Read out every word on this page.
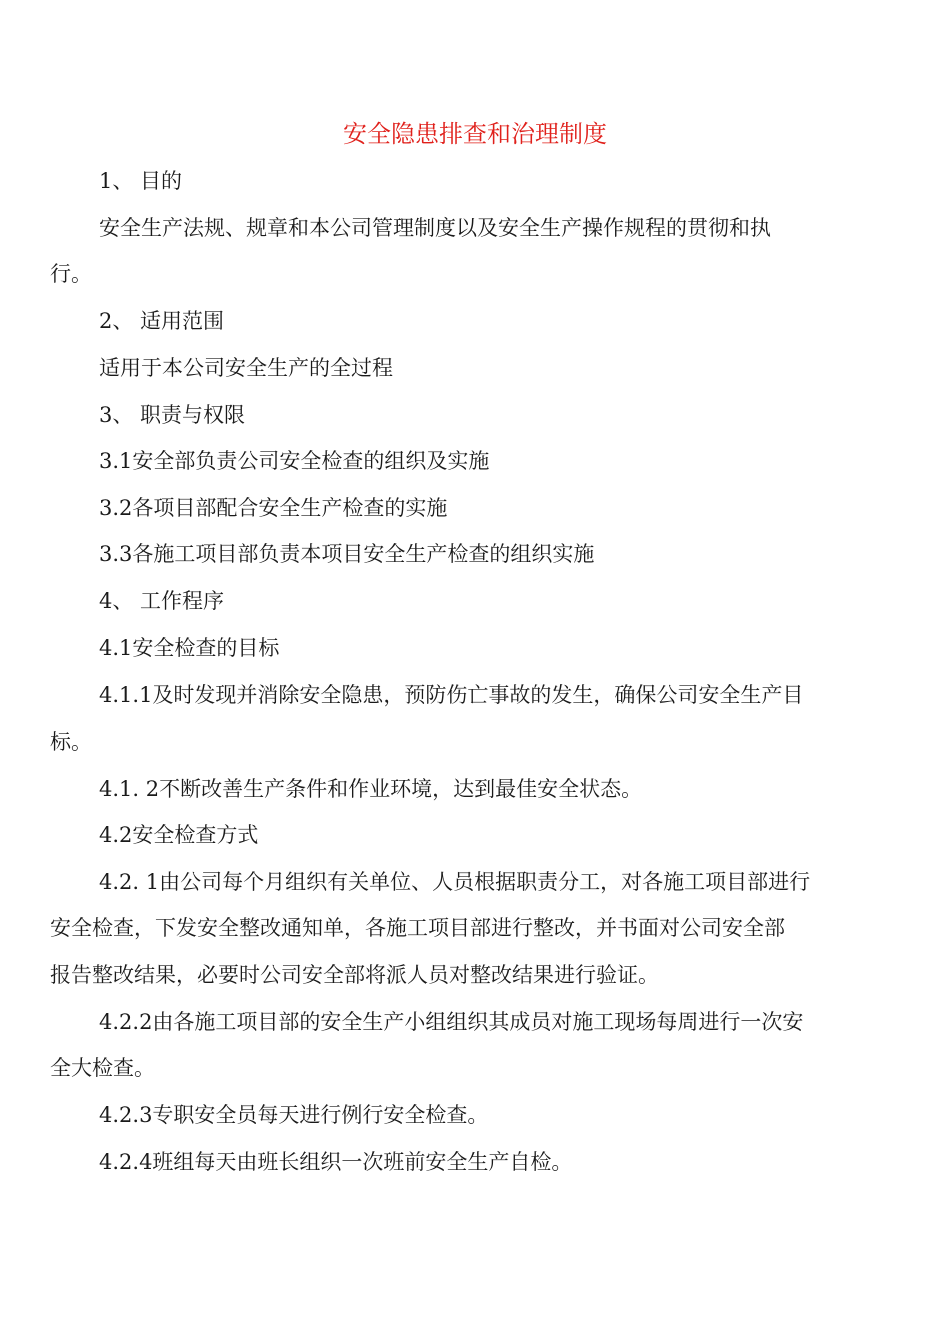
安全隐患排查和治理制度
1、 目的
安全生产法规、规章和本公司管理制度以及安全生产操作规程的贯彻和执
行。
2、 适用范围
适用于本公司安全生产的全过程
3、 职责与权限
3.1安全部负责公司安全检查的组织及实施
3.2各项目部配合安全生产检查的实施
3.3各施工项目部负责本项目安全生产检查的组织实施
4、 工作程序
4.1安全检查的目标
4.1.1及时发现并消除安全隐患，预防伤亡事故的发生，确保公司安全生产目
标。
4.1. 2不断改善生产条件和作业环境，达到最佳安全状态。
4.2安全检查方式
4.2. 1由公司每个月组织有关单位、人员根据职责分工，对各施工项目部进行
安全检查，下发安全整改通知单，各施工项目部进行整改，并书面对公司安全部
报告整改结果，必要时公司安全部将派人员对整改结果进行验证。
4.2.2由各施工项目部的安全生产小组组织其成员对施工现场每周进行一次安
全大检查。
4.2.3专职安全员每天进行例行安全检查。
4.2.4班组每天由班长组织一次班前安全生产自检。
